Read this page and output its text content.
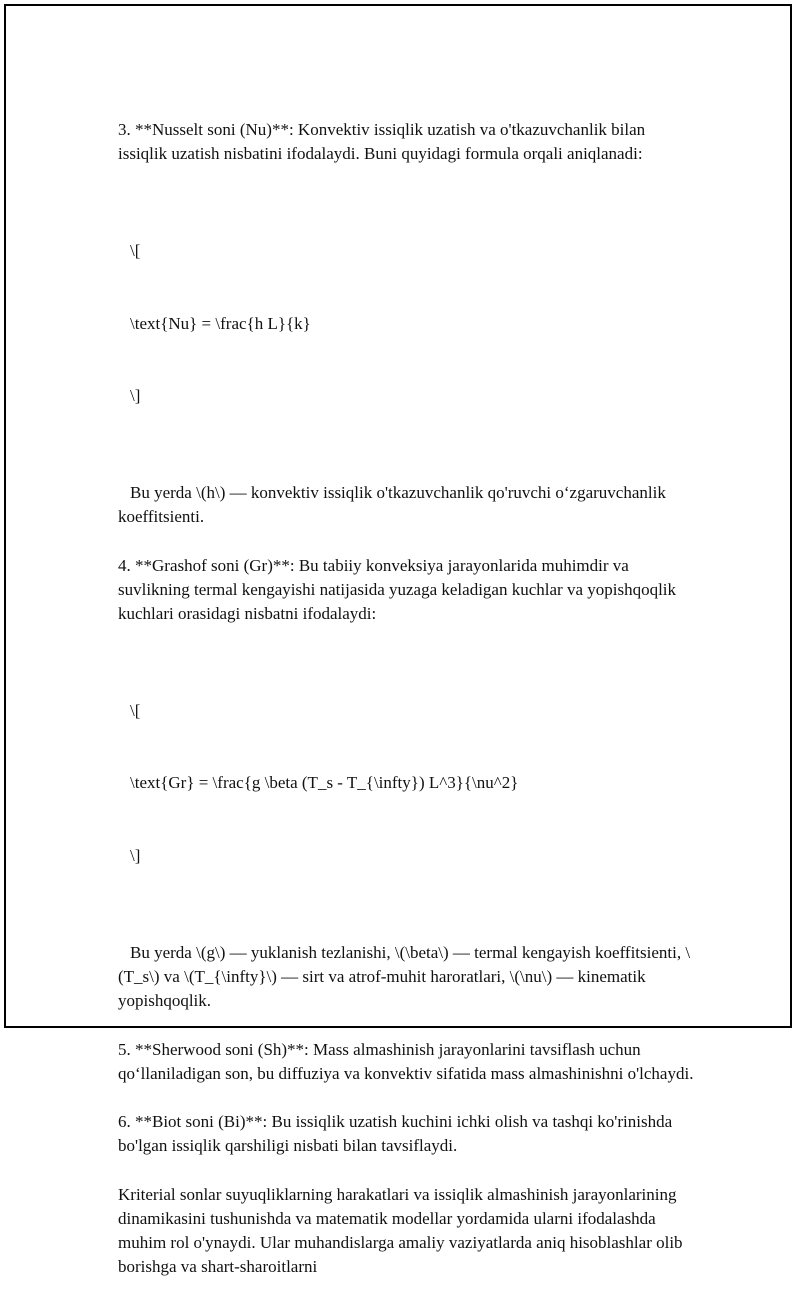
3. **Nusselt soni (Nu)**: Konvektiv issiqlik uzatish va o'tkazuvchanlik bilan issiqlik uzatish nisbatini ifodalaydi. Buni quyidagi formula orqali aniqlanadi:

\[

\text{Nu} = \frac{h L}{k}

\]

Bu yerda \(h\) — konvektiv issiqlik o'tkazuvchanlik qo'ruvchi o‘zgaruvchanlik koeffitsienti.

4. **Grashof soni (Gr)**: Bu tabiiy konveksiya jarayonlarida muhimdir va suvlikning termal kengayishi natijasida yuzaga keladigan kuchlar va yopishqoqlik kuchlari orasidagi nisbatni ifodalaydi:

\[

\text{Gr} = \frac{g \beta (T_s - T_{\infty}) L^3}{\nu^2}

\]

Bu yerda \(g\) — yuklanish tezlanishi, \(\beta\) — termal kengayish koeffitsienti, \(T_s\) va \(T_{\infty}\) — sirt va atrof-muhit haroratlari, \(\nu\) — kinematik yopishqoqlik.

5. **Sherwood soni (Sh)**: Mass almashinish jarayonlarini tavsiflash uchun qo‘llaniladigan son, bu diffuziya va konvektiv sifatida mass almashinishni o'lchaydi.

6. **Biot soni (Bi)**: Bu issiqlik uzatish kuchini ichki olish va tashqi ko'rinishda bo'lgan issiqlik qarshiligi nisbati bilan tavsiflaydi.

Kriterial sonlar suyuqliklarning harakatlari va issiqlik almashinish jarayonlarining dinamikasini tushunishda va matematik modellar yordamida ularni ifodalashda muhim rol o'ynaydi. Ular muhandislarga amaliy vaziyatlarda aniq hisoblashlar olib borishga va shart-sharoitlarni
